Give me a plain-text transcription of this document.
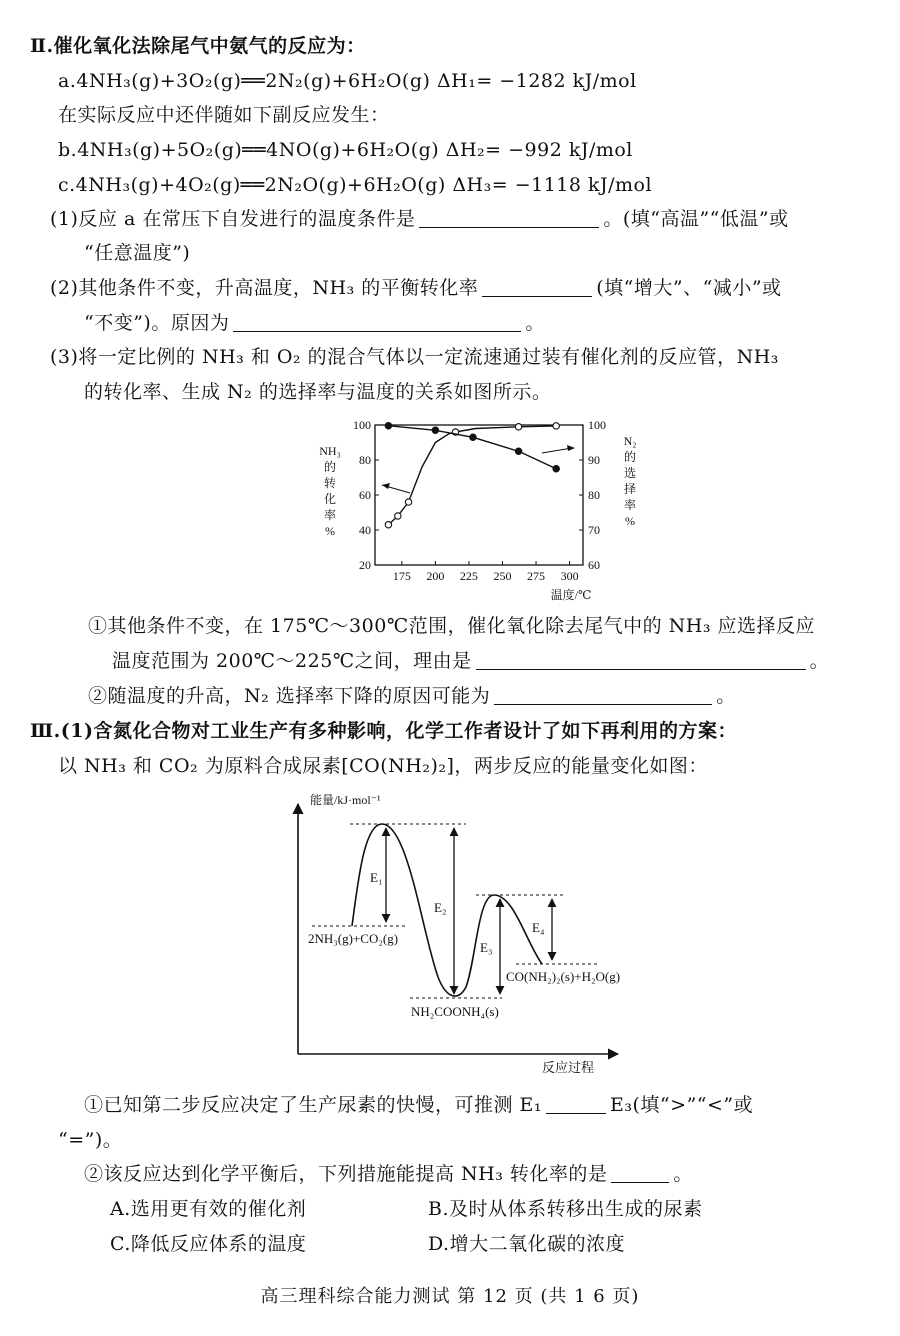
Ⅱ.催化氧化法除尾气中氨气的反应为：
a.4NH₃(g)+3O₂(g)══2N₂(g)+6H₂O(g) ΔH₁= −1282 kJ/mol
在实际反应中还伴随如下副反应发生：
b.4NH₃(g)+5O₂(g)══4NO(g)+6H₂O(g) ΔH₂= −992 kJ/mol
c.4NH₃(g)+4O₂(g)══2N₂O(g)+6H₂O(g) ΔH₃= −1118 kJ/mol
(1)反应 a 在常压下自发进行的温度条件是	。(填“高温”“低温”或
“任意温度”)
(2)其他条件不变，升高温度，NH₃ 的平衡转化率	(填“增大”、“减小”或
“不变”)。原因为	。
(3)将一定比例的 NH₃ 和 O₂ 的混合气体以一定流速通过装有催化剂的反应管，NH₃
的转化率、生成 N₂ 的选择率与温度的关系如图所示。
175 200 225 250 275 300
温度/℃
20
40
60
80
100
60
70
80
90
100
NH₃
的
转
化
率
%
N₂
的
选
择
率
%
①其他条件不变，在 175℃～300℃范围，催化氧化除去尾气中的 NH₃ 应选择反应
温度范围为 200℃～225℃之间，理由是	。
②随温度的升高，N₂ 选择率下降的原因可能为	。
Ⅲ.(1)含氮化合物对工业生产有多种影响，化学工作者设计了如下再利用的方案：
以 NH₃ 和 CO₂ 为原料合成尿素[CO(NH₂)₂]，两步反应的能量变化如图：
能量/kJ·mol⁻¹
反应过程
E₁
E₂
E₃
E₄
2NH₃(g)+CO₂(g)
NH₂COONH₄(s)
CO(NH₂)₂(s)+H₂O(g)
①已知第二步反应决定了生产尿素的快慢，可推测 E₁	E₃(填“>”“<”或
“=”)。
②该反应达到化学平衡后，下列措施能提高 NH₃ 转化率的是	。
A.选用更有效的催化剂	B.及时从体系转移出生成的尿素
C.降低反应体系的温度	D.增大二氧化碳的浓度
高三理科综合能力测试 第 12 页 (共 1 6 页)
